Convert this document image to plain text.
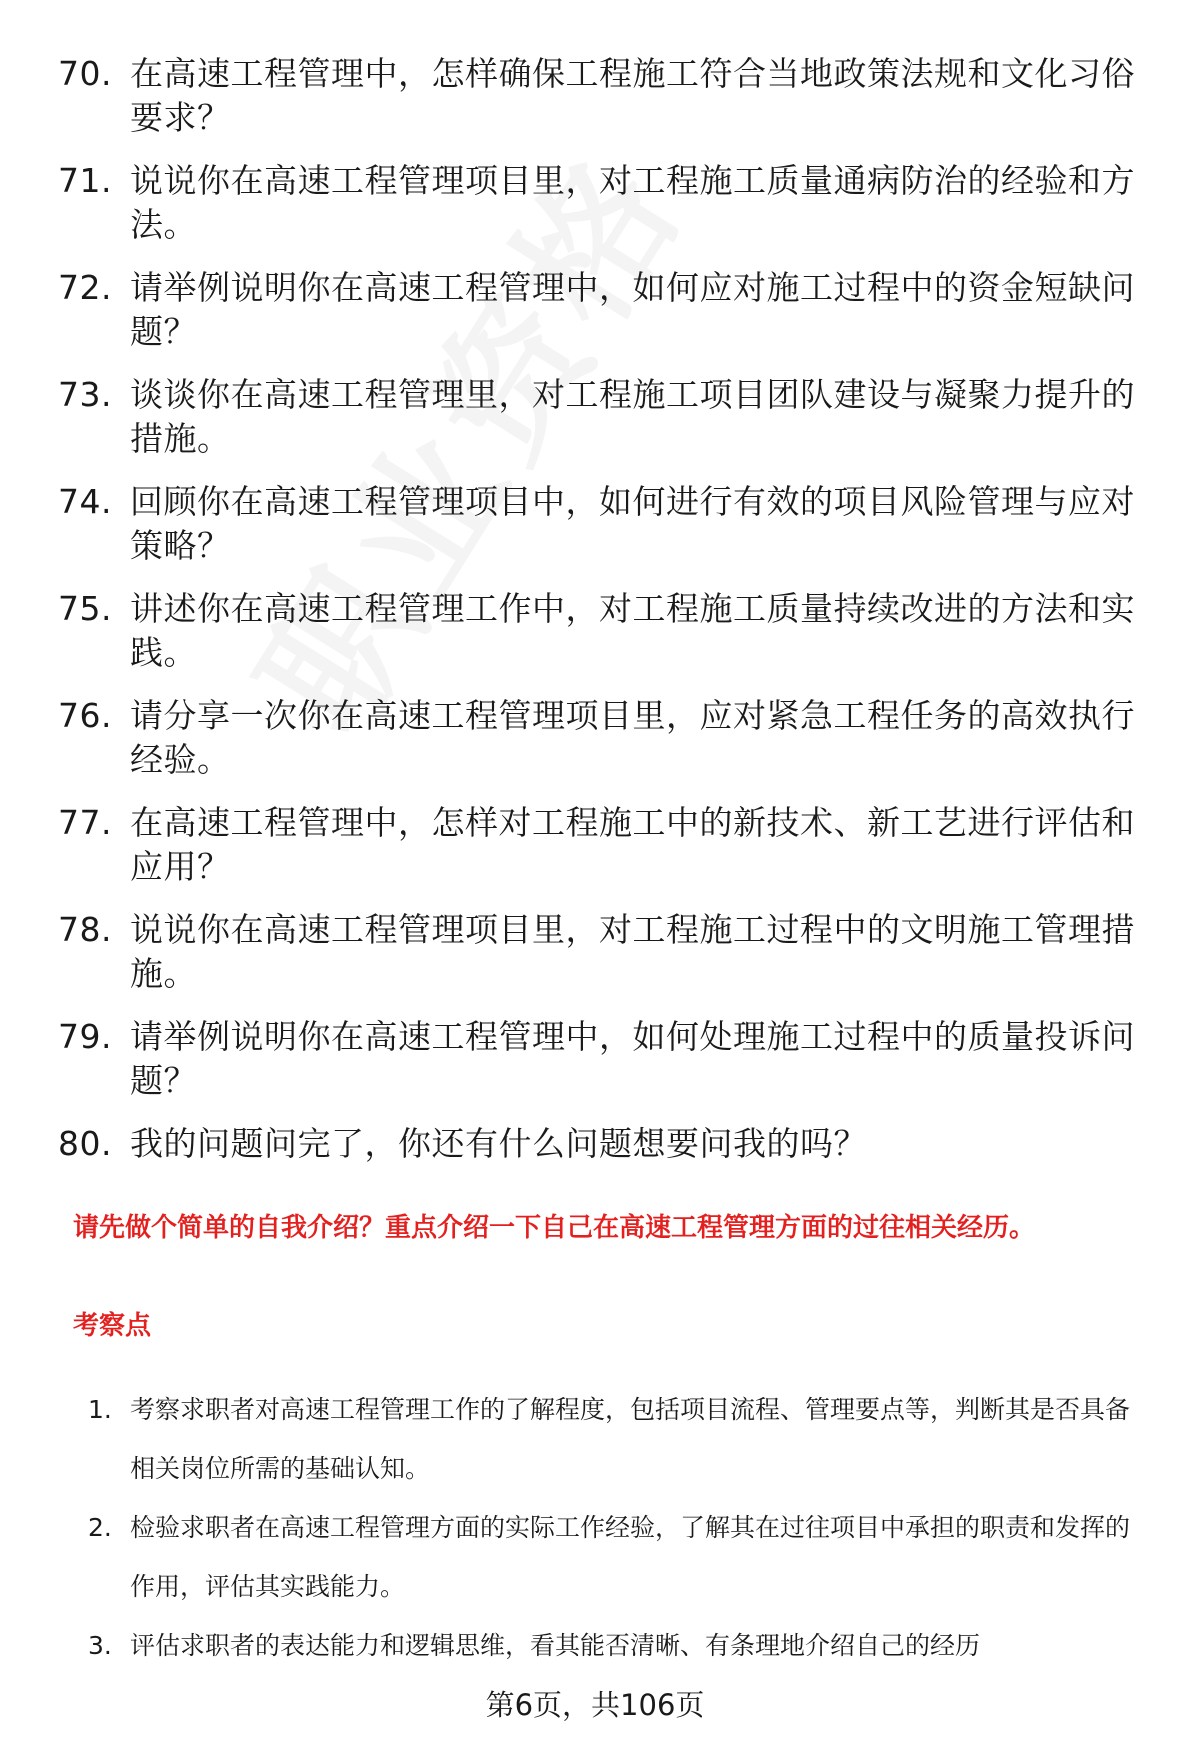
70. 在高速工程管理中，怎样确保工程施工符合当地政策法规和文化习俗要求？
71. 说说你在高速工程管理项目里，对工程施工质量通病防治的经验和方法。
72. 请举例说明你在高速工程管理中，如何应对施工过程中的资金短缺问题？
73. 谈谈你在高速工程管理里，对工程施工项目团队建设与凝聚力提升的措施。
74. 回顾你在高速工程管理项目中，如何进行有效的项目风险管理与应对策略？
75. 讲述你在高速工程管理工作中，对工程施工质量持续改进的方法和实践。
76. 请分享一次你在高速工程管理项目里，应对紧急工程任务的高效执行经验。
77. 在高速工程管理中，怎样对工程施工中的新技术、新工艺进行评估和应用？
78. 说说你在高速工程管理项目里，对工程施工过程中的文明施工管理措施。
79. 请举例说明你在高速工程管理中，如何处理施工过程中的质量投诉问题？
80. 我的问题问完了，你还有什么问题想要问我的吗？
请先做个简单的自我介绍？重点介绍一下自己在高速工程管理方面的过往相关经历。
考察点
1. 考察求职者对高速工程管理工作的了解程度，包括项目流程、管理要点等，判断其是否具备相关岗位所需的基础认知。
2. 检验求职者在高速工程管理方面的实际工作经验，了解其在过往项目中承担的职责和发挥的作用，评估其实践能力。
3. 评估求职者的表达能力和逻辑思维，看其能否清晰、有条理地介绍自己的经历
第6页，共106页
